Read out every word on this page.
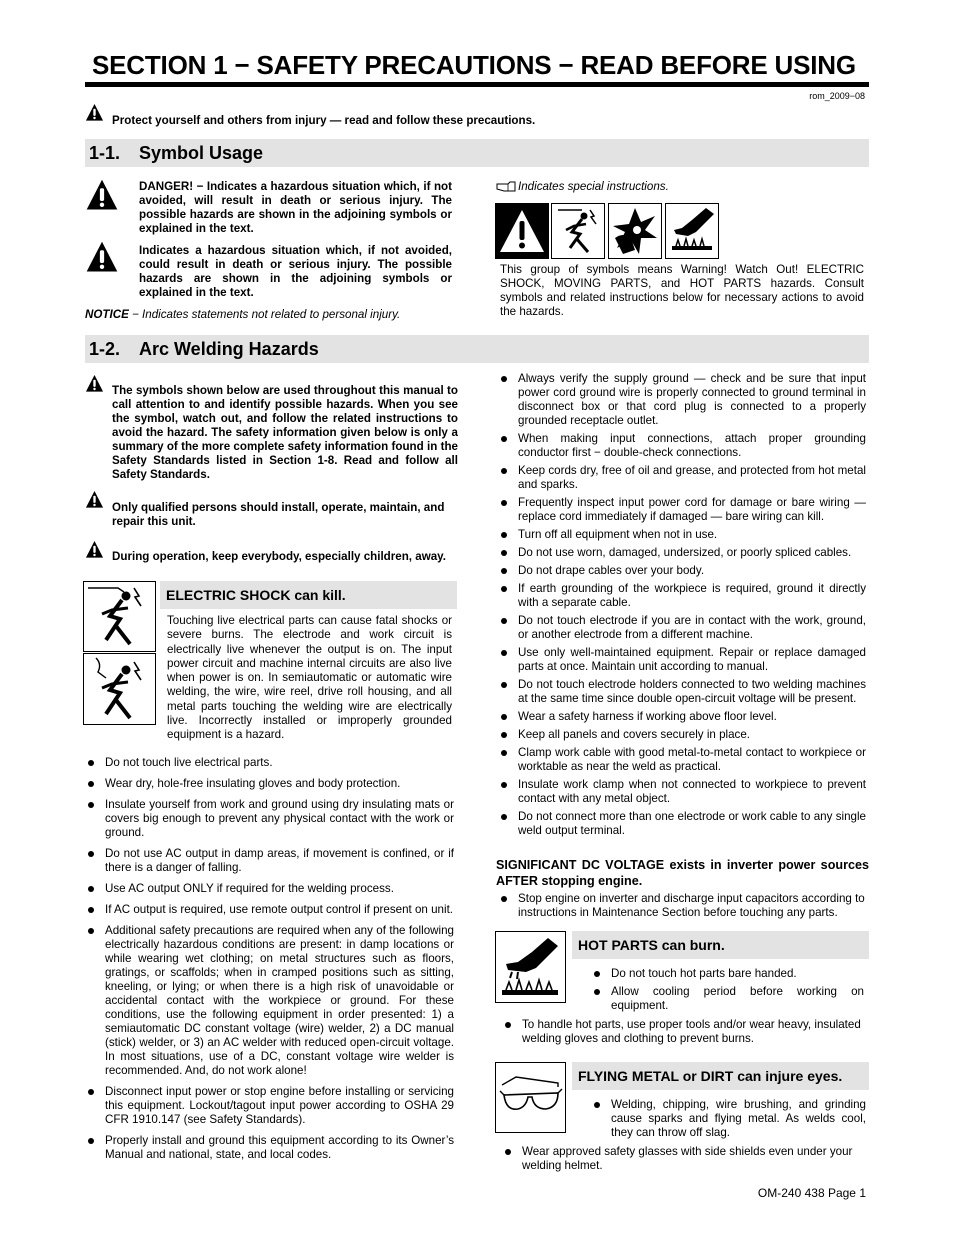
SECTION 1 − SAFETY PRECAUTIONS − READ BEFORE USING
rom_2009−08
Protect yourself and others from injury — read and follow these precautions.
1-1. Symbol Usage
DANGER! − Indicates a hazardous situation which, if not avoided, will result in death or serious injury. The possible hazards are shown in the adjoining symbols or explained in the text.
Indicates a hazardous situation which, if not avoided, could result in death or serious injury. The possible hazards are shown in the adjoining symbols or explained in the text.
NOTICE − Indicates statements not related to personal injury.
Indicates special instructions.
This group of symbols means Warning! Watch Out! ELECTRIC SHOCK, MOVING PARTS, and HOT PARTS hazards. Consult symbols and related instructions below for necessary actions to avoid the hazards.
1-2. Arc Welding Hazards
The symbols shown below are used throughout this manual to call attention to and identify possible hazards. When you see the symbol, watch out, and follow the related instructions to avoid the hazard. The safety information given below is only a summary of the more complete safety information found in the Safety Standards listed in Section 1-8. Read and follow all Safety Standards.
Only qualified persons should install, operate, maintain, and repair this unit.
During operation, keep everybody, especially children, away.
ELECTRIC SHOCK can kill.
Touching live electrical parts can cause fatal shocks or severe burns. The electrode and work circuit is electrically live whenever the output is on. The input power circuit and machine internal circuits are also live when power is on. In semiautomatic or automatic wire welding, the wire, wire reel, drive roll housing, and all metal parts touching the welding wire are electrically live. Incorrectly installed or improperly grounded equipment is a hazard.
Do not touch live electrical parts.
Wear dry, hole-free insulating gloves and body protection.
Insulate yourself from work and ground using dry insulating mats or covers big enough to prevent any physical contact with the work or ground.
Do not use AC output in damp areas, if movement is confined, or if there is a danger of falling.
Use AC output ONLY if required for the welding process.
If AC output is required, use remote output control if present on unit.
Additional safety precautions are required when any of the following electrically hazardous conditions are present: in damp locations or while wearing wet clothing; on metal structures such as floors, gratings, or scaffolds; when in cramped positions such as sitting, kneeling, or lying; or when there is a high risk of unavoidable or accidental contact with the workpiece or ground. For these conditions, use the following equipment in order presented: 1) a semiautomatic DC constant voltage (wire) welder, 2) a DC manual (stick) welder, or 3) an AC welder with reduced open-circuit voltage. In most situations, use of a DC, constant voltage wire welder is recommended. And, do not work alone!
Disconnect input power or stop engine before installing or servicing this equipment. Lockout/tagout input power according to OSHA 29 CFR 1910.147 (see Safety Standards).
Properly install and ground this equipment according to its Owner’s Manual and national, state, and local codes.
Always verify the supply ground — check and be sure that input power cord ground wire is properly connected to ground terminal in disconnect box or that cord plug is connected to a properly grounded receptacle outlet.
When making input connections, attach proper grounding conductor first − double-check connections.
Keep cords dry, free of oil and grease, and protected from hot metal and sparks.
Frequently inspect input power cord for damage or bare wiring — replace cord immediately if damaged — bare wiring can kill.
Turn off all equipment when not in use.
Do not use worn, damaged, undersized, or poorly spliced cables.
Do not drape cables over your body.
If earth grounding of the workpiece is required, ground it directly with a separate cable.
Do not touch electrode if you are in contact with the work, ground, or another electrode from a different machine.
Use only well-maintained equipment. Repair or replace damaged parts at once. Maintain unit according to manual.
Do not touch electrode holders connected to two welding machines at the same time since double open-circuit voltage will be present.
Wear a safety harness if working above floor level.
Keep all panels and covers securely in place.
Clamp work cable with good metal-to-metal contact to workpiece or worktable as near the weld as practical.
Insulate work clamp when not connected to workpiece to prevent contact with any metal object.
Do not connect more than one electrode or work cable to any single weld output terminal.
SIGNIFICANT DC VOLTAGE exists in inverter power sources AFTER stopping engine.
Stop engine on inverter and discharge input capacitors according to instructions in Maintenance Section before touching any parts.
HOT PARTS can burn.
Do not touch hot parts bare handed.
Allow cooling period before working on equipment.
To handle hot parts, use proper tools and/or wear heavy, insulated welding gloves and clothing to prevent burns.
FLYING METAL or DIRT can injure eyes.
Welding, chipping, wire brushing, and grinding cause sparks and flying metal. As welds cool, they can throw off slag.
Wear approved safety glasses with side shields even under your welding helmet.
OM-240 438 Page 1
